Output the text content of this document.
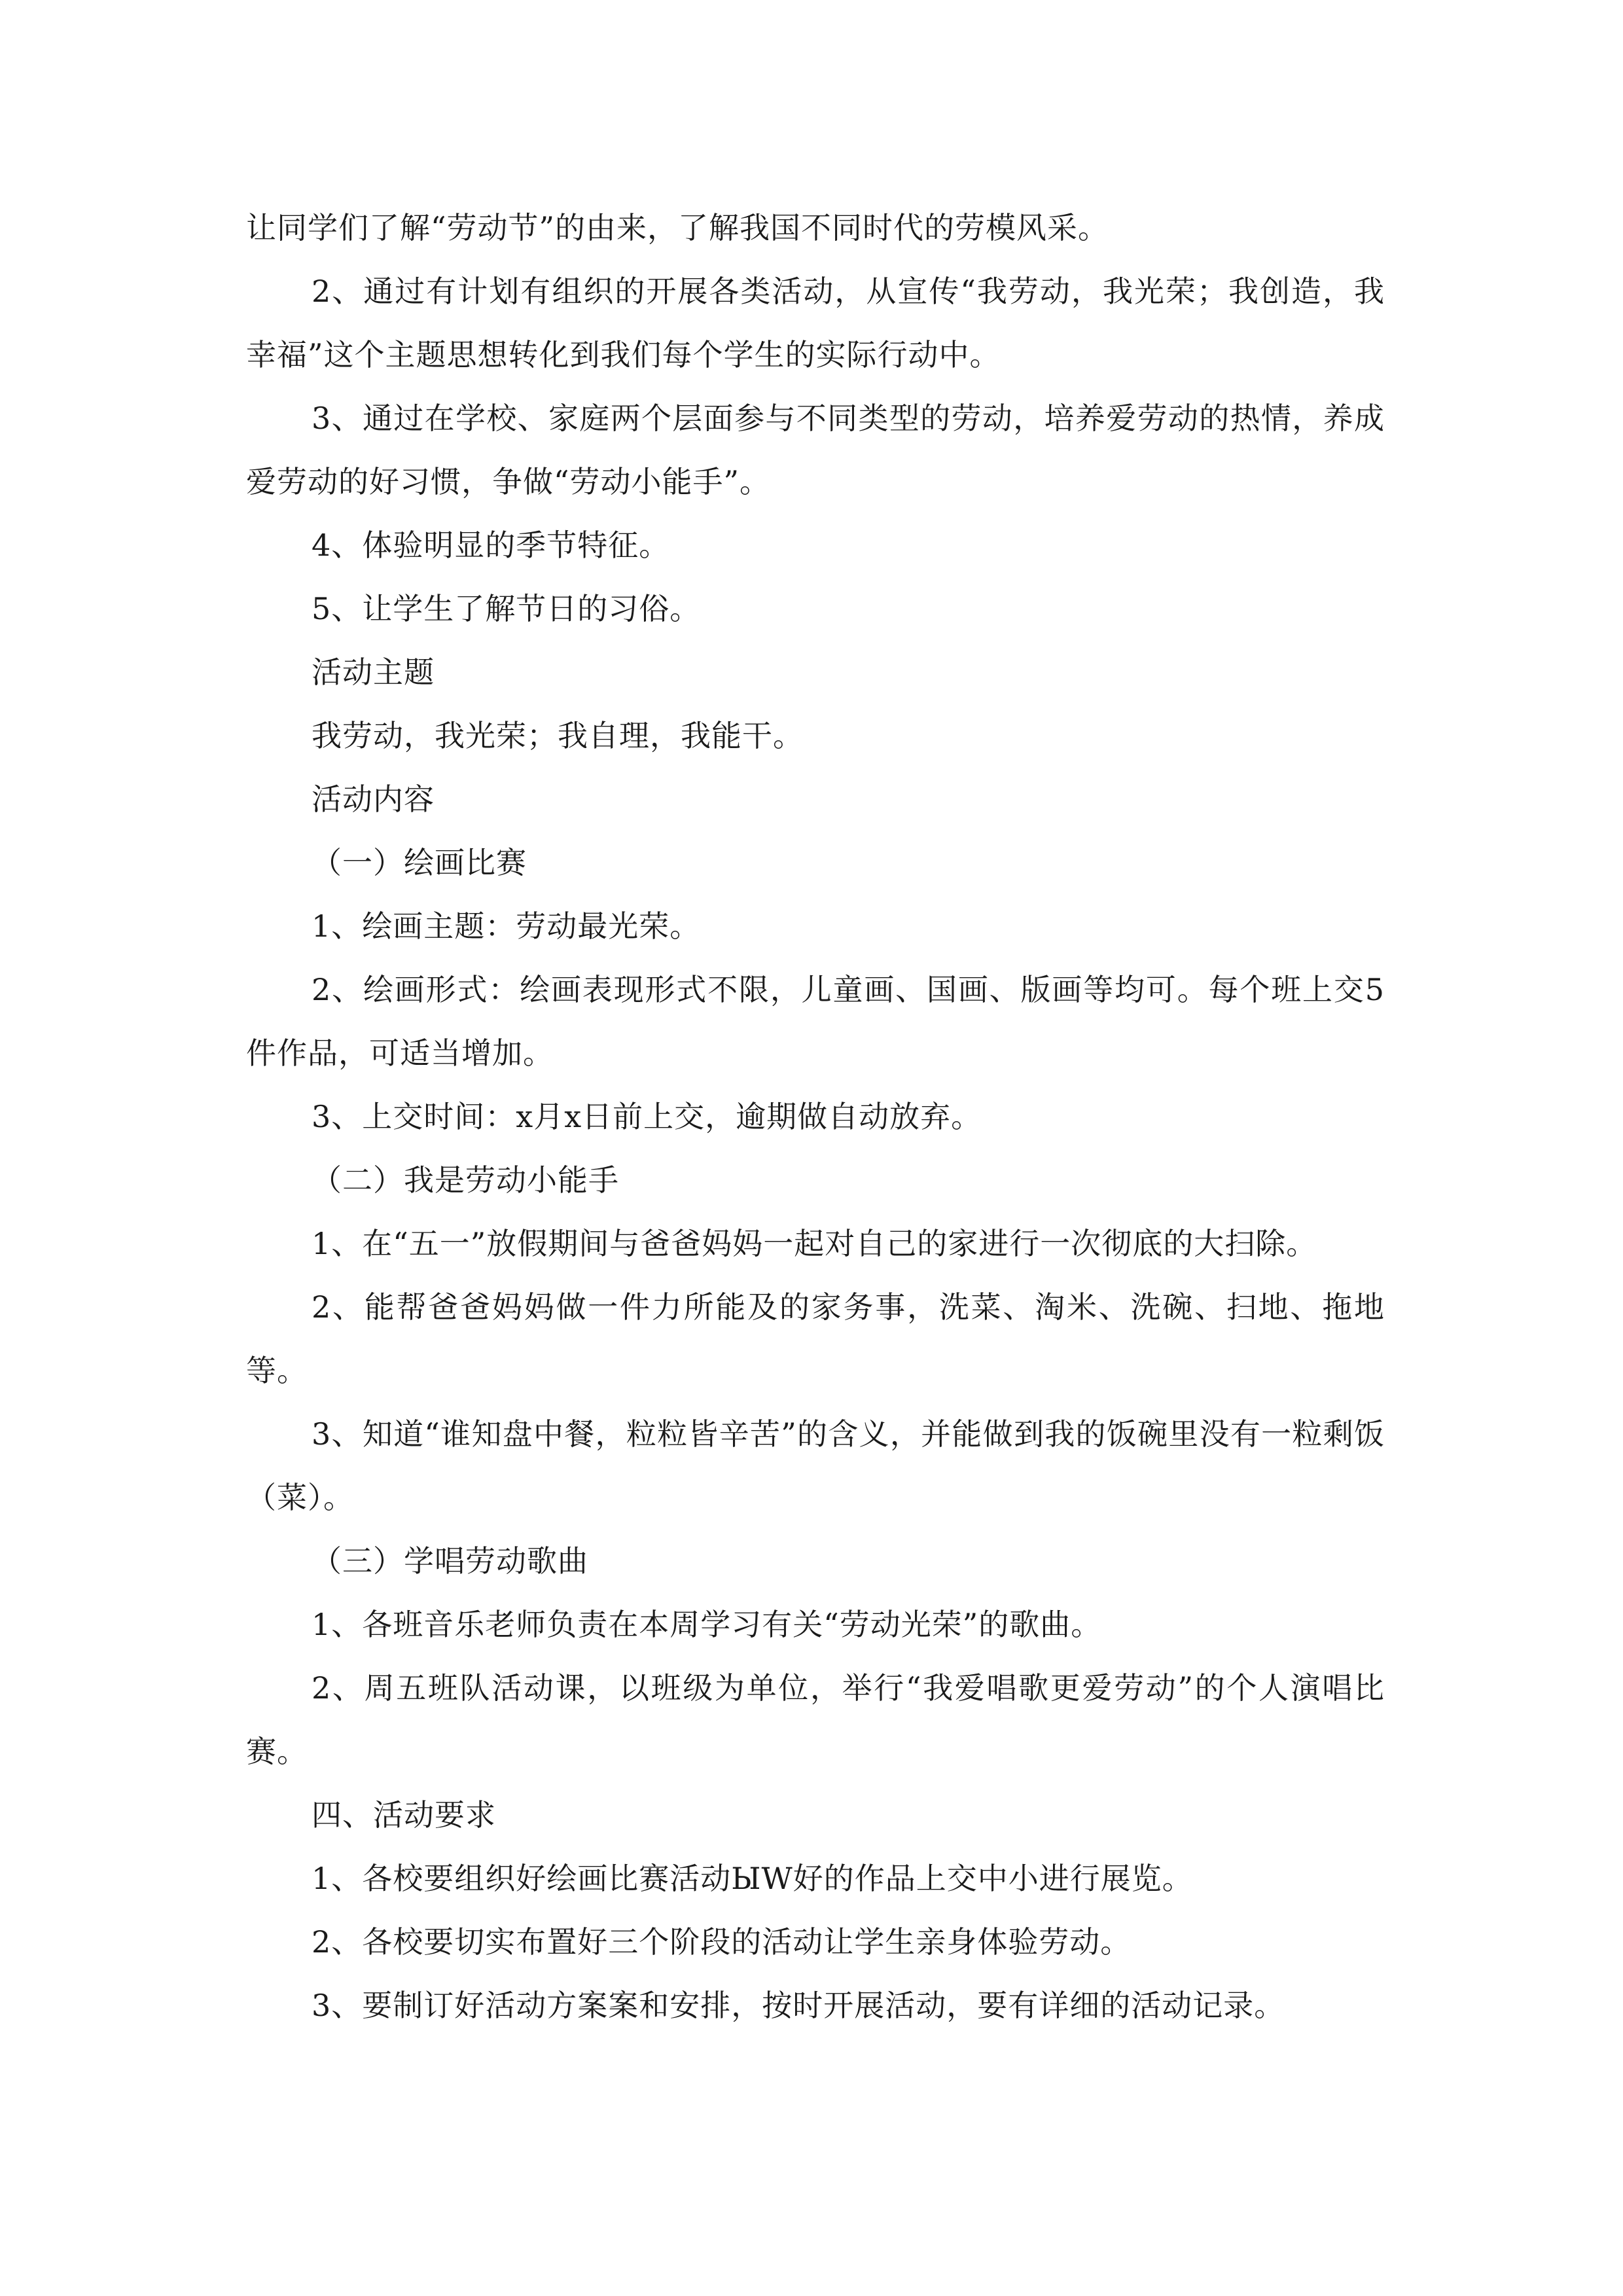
让同学们了解“劳动节”的由来，了解我国不同时代的劳模风采。

2、通过有计划有组织的开展各类活动，从宣传“我劳动，我光荣；我创造，我幸福”这个主题思想转化到我们每个学生的实际行动中。

3、通过在学校、家庭两个层面参与不同类型的劳动，培养爱劳动的热情，养成爱劳动的好习惯，争做“劳动小能手”。

4、体验明显的季节特征。

5、让学生了解节日的习俗。

活动主题

我劳动，我光荣；我自理，我能干。

活动内容

（一）绘画比赛

1、绘画主题：劳动最光荣。

2、绘画形式：绘画表现形式不限，儿童画、国画、版画等均可。每个班上交5件作品，可适当增加。

3、上交时间：x月x日前上交，逾期做自动放弃。

（二）我是劳动小能手

1、在“五一”放假期间与爸爸妈妈一起对自己的家进行一次彻底的大扫除。

2、能帮爸爸妈妈做一件力所能及的家务事，洗菜、淘米、洗碗、扫地、拖地等。

3、知道“谁知盘中餐，粒粒皆辛苦”的含义，并能做到我的饭碗里没有一粒剩饭（菜）。

（三）学唱劳动歌曲

1、各班音乐老师负责在本周学习有关“劳动光荣”的歌曲。

2、周五班队活动课，以班级为单位，举行“我爱唱歌更爱劳动”的个人演唱比赛。

四、活动要求

1、各校要组织好绘画比赛活动ЫW好的作品上交中小进行展览。

2、各校要切实布置好三个阶段的活动让学生亲身体验劳动。

3、要制订好活动方案案和安排，按时开展活动，要有详细的活动记录。
